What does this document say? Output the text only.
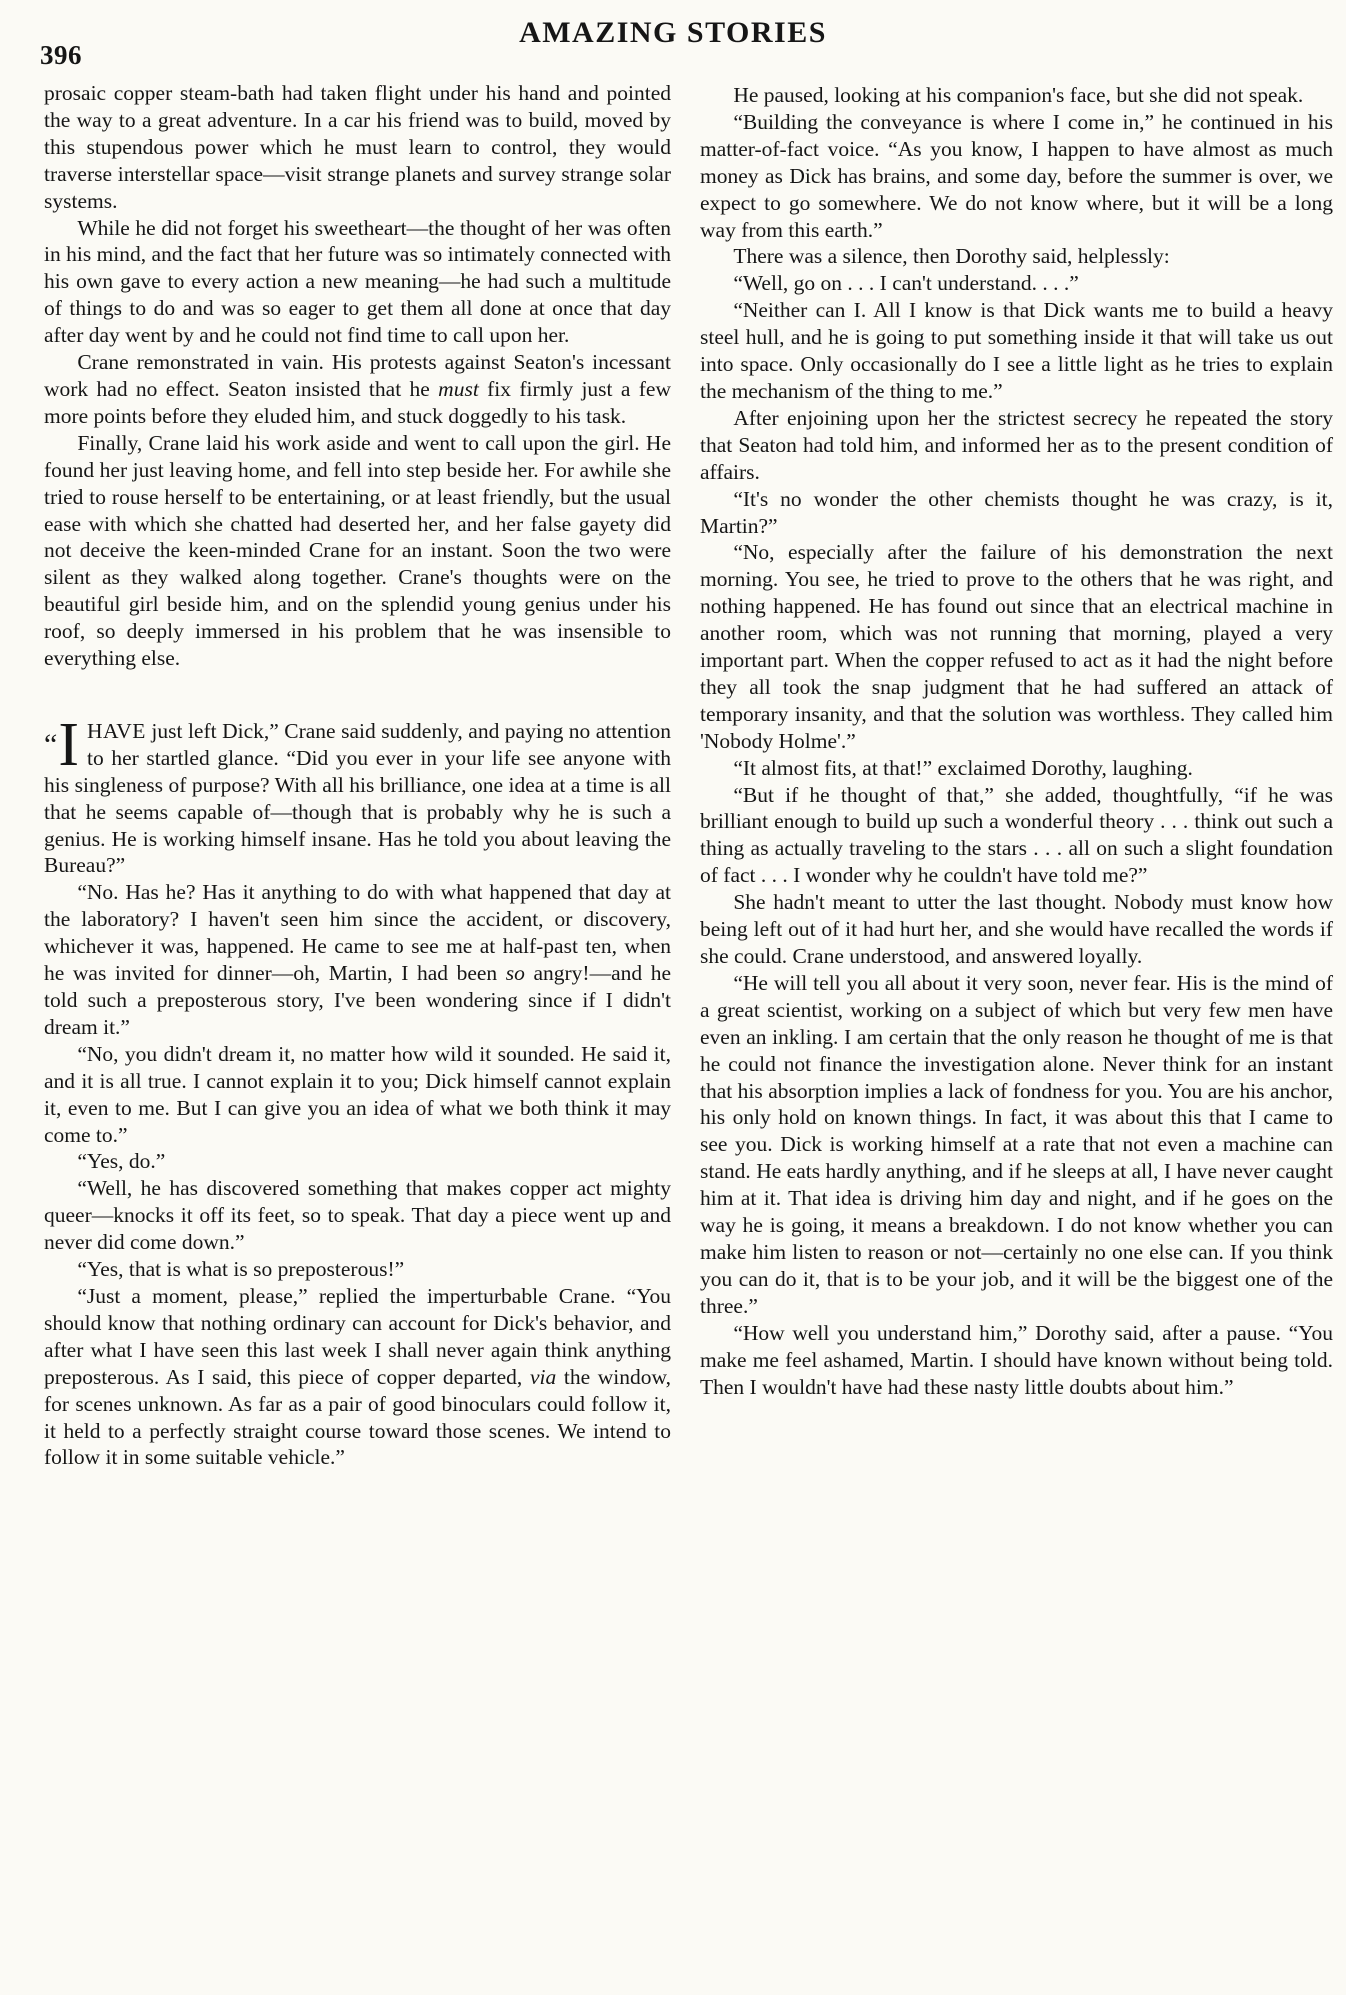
396
AMAZING STORIES

prosaic copper steam-bath had taken flight under his hand and pointed the way to a great adventure. In a car his friend was to build, moved by this stupendous power which he must learn to control, they would traverse interstellar space—visit strange planets and survey strange solar systems.

While he did not forget his sweetheart—the thought of her was often in his mind, and the fact that her future was so intimately connected with his own gave to every action a new meaning—he had such a multitude of things to do and was so eager to get them all done at once that day after day went by and he could not find time to call upon her.

Crane remonstrated in vain. His protests against Seaton's incessant work had no effect. Seaton insisted that he must fix firmly just a few more points before they eluded him, and stuck doggedly to his task.

Finally, Crane laid his work aside and went to call upon the girl. He found her just leaving home, and fell into step beside her. For awhile she tried to rouse herself to be entertaining, or at least friendly, but the usual ease with which she chatted had deserted her, and her false gayety did not deceive the keen-minded Crane for an instant. Soon the two were silent as they walked along together. Crane's thoughts were on the beautiful girl beside him, and on the splendid young genius under his roof, so deeply immersed in his problem that he was insensible to everything else.

“I HAVE just left Dick,” Crane said suddenly, and paying no attention to her startled glance. “Did you ever in your life see anyone with his singleness of purpose? With all his brilliance, one idea at a time is all that he seems capable of—though that is probably why he is such a genius. He is working himself insane. Has he told you about leaving the Bureau?”

“No. Has he? Has it anything to do with what happened that day at the laboratory? I haven't seen him since the accident, or discovery, whichever it was, happened. He came to see me at half-past ten, when he was invited for dinner—oh, Martin, I had been so angry!—and he told such a preposterous story, I've been wondering since if I didn't dream it.”

“No, you didn't dream it, no matter how wild it sounded. He said it, and it is all true. I cannot explain it to you; Dick himself cannot explain it, even to me. But I can give you an idea of what we both think it may come to.”

“Yes, do.”

“Well, he has discovered something that makes copper act mighty queer—knocks it off its feet, so to speak. That day a piece went up and never did come down.”

“Yes, that is what is so preposterous!”

“Just a moment, please,” replied the imperturbable Crane. “You should know that nothing ordinary can account for Dick's behavior, and after what I have seen this last week I shall never again think anything preposterous. As I said, this piece of copper departed, via the window, for scenes unknown. As far as a pair of good binoculars could follow it, it held to a perfectly straight course toward those scenes. We intend to follow it in some suitable vehicle.”

He paused, looking at his companion's face, but she did not speak.

“Building the conveyance is where I come in,” he continued in his matter-of-fact voice. “As you know, I happen to have almost as much money as Dick has brains, and some day, before the summer is over, we expect to go somewhere. We do not know where, but it will be a long way from this earth.”

There was a silence, then Dorothy said, helplessly:

“Well, go on . . . I can't understand. . . .”

“Neither can I. All I know is that Dick wants me to build a heavy steel hull, and he is going to put something inside it that will take us out into space. Only occasionally do I see a little light as he tries to explain the mechanism of the thing to me.”

After enjoining upon her the strictest secrecy he repeated the story that Seaton had told him, and informed her as to the present condition of affairs.

“It's no wonder the other chemists thought he was crazy, is it, Martin?”

“No, especially after the failure of his demonstration the next morning. You see, he tried to prove to the others that he was right, and nothing happened. He has found out since that an electrical machine in another room, which was not running that morning, played a very important part. When the copper refused to act as it had the night before they all took the snap judgment that he had suffered an attack of temporary insanity, and that the solution was worthless. They called him 'Nobody Holme'.”

“It almost fits, at that!” exclaimed Dorothy, laughing.

“But if he thought of that,” she added, thoughtfully, “if he was brilliant enough to build up such a wonderful theory . . . think out such a thing as actually traveling to the stars . . . all on such a slight foundation of fact . . . I wonder why he couldn't have told me?”

She hadn't meant to utter the last thought. Nobody must know how being left out of it had hurt her, and she would have recalled the words if she could. Crane understood, and answered loyally.

“He will tell you all about it very soon, never fear. His is the mind of a great scientist, working on a subject of which but very few men have even an inkling. I am certain that the only reason he thought of me is that he could not finance the investigation alone. Never think for an instant that his absorption implies a lack of fondness for you. You are his anchor, his only hold on known things. In fact, it was about this that I came to see you. Dick is working himself at a rate that not even a machine can stand. He eats hardly anything, and if he sleeps at all, I have never caught him at it. That idea is driving him day and night, and if he goes on the way he is going, it means a breakdown. I do not know whether you can make him listen to reason or not—certainly no one else can. If you think you can do it, that is to be your job, and it will be the biggest one of the three.”

“How well you understand him,” Dorothy said, after a pause. “You make me feel ashamed, Martin. I should have known without being told. Then I wouldn't have had these nasty little doubts about him.”
